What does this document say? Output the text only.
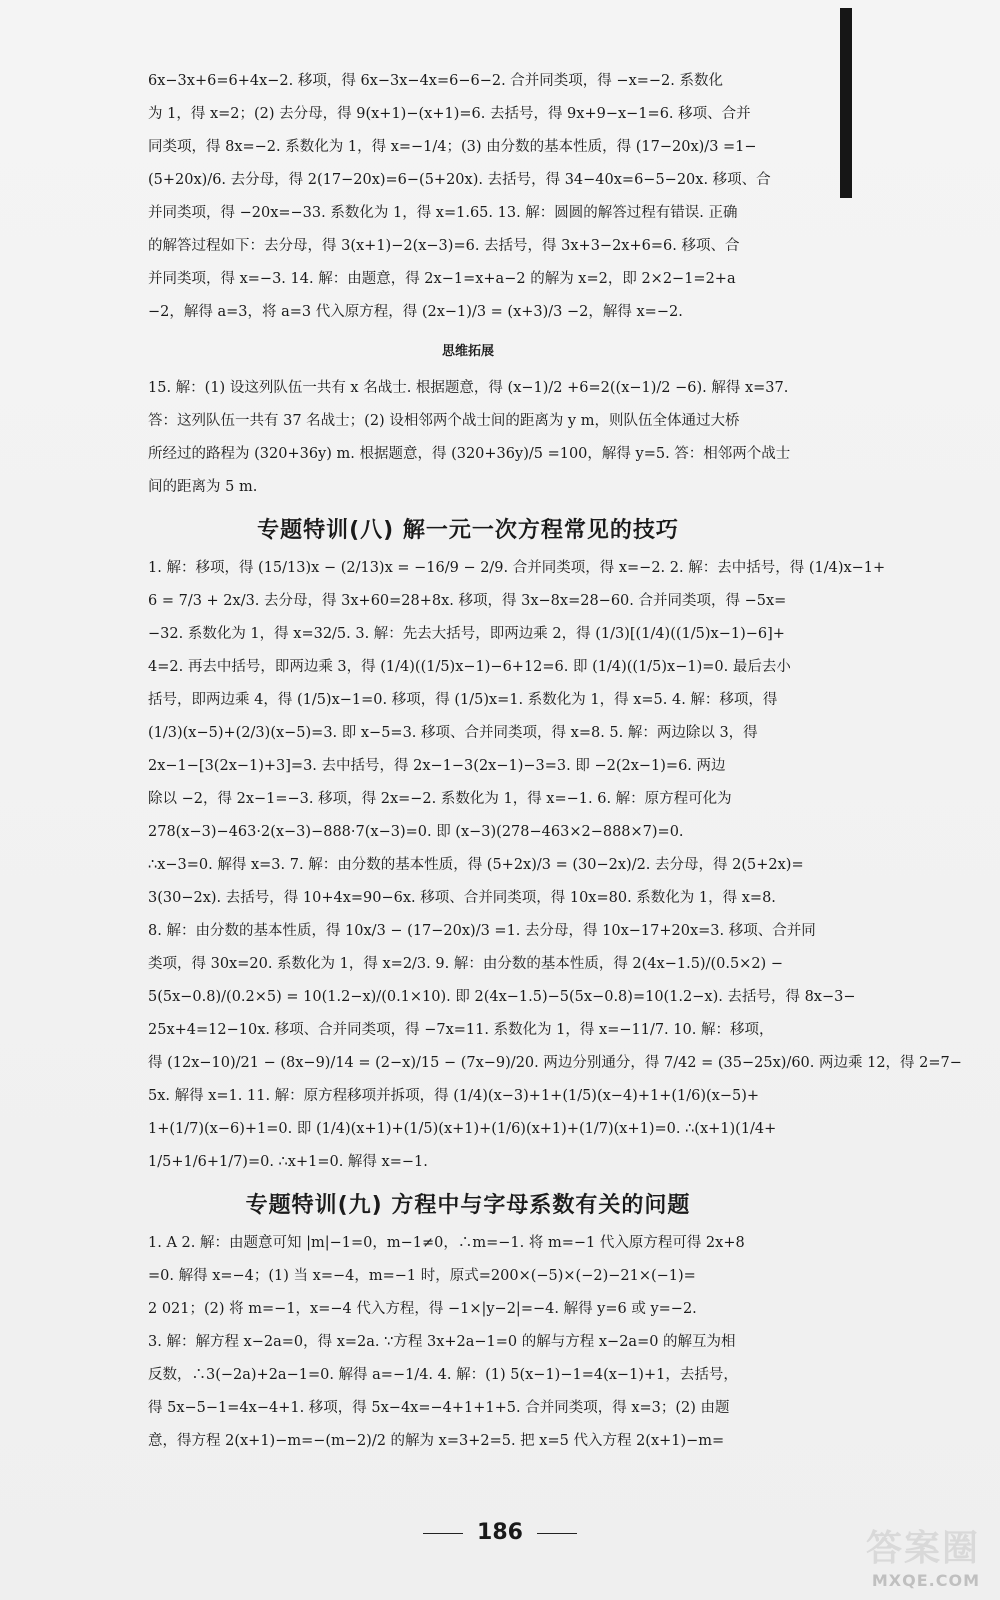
6x−3x+6=6+4x−2. 移项，得 6x−3x−4x=6−6−2. 合并同类项，得 −x=−2. 系数化
为 1，得 x=2；(2) 去分母，得 9(x+1)−(x+1)=6. 去括号，得 9x+9−x−1=6. 移项、合并
同类项，得 8x=−2. 系数化为 1，得 x=−1/4；(3) 由分数的基本性质，得 (17−20x)/3 =1−
(5+20x)/6. 去分母，得 2(17−20x)=6−(5+20x). 去括号，得 34−40x=6−5−20x. 移项、合
并同类项，得 −20x=−33. 系数化为 1，得 x=1.65. 13. 解：圆圆的解答过程有错误. 正确
的解答过程如下：去分母，得 3(x+1)−2(x−3)=6. 去括号，得 3x+3−2x+6=6. 移项、合
并同类项，得 x=−3. 14. 解：由题意，得 2x−1=x+a−2 的解为 x=2，即 2×2−1=2+a
−2，解得 a=3，将 a=3 代入原方程，得 (2x−1)/3 = (x+3)/3 −2，解得 x=−2.
思维拓展
15. 解：(1) 设这列队伍一共有 x 名战士. 根据题意，得 (x−1)/2 +6=2((x−1)/2 −6). 解得 x=37.
答：这列队伍一共有 37 名战士；(2) 设相邻两个战士间的距离为 y m，则队伍全体通过大桥
所经过的路程为 (320+36y) m. 根据题意，得 (320+36y)/5 =100，解得 y=5. 答：相邻两个战士
间的距离为 5 m.
专题特训(八) 解一元一次方程常见的技巧
1. 解：移项，得 (15/13)x − (2/13)x = −16/9 − 2/9. 合并同类项，得 x=−2. 2. 解：去中括号，得 (1/4)x−1+
6 = 7/3 + 2x/3. 去分母，得 3x+60=28+8x. 移项，得 3x−8x=28−60. 合并同类项，得 −5x=
−32. 系数化为 1，得 x=32/5. 3. 解：先去大括号，即两边乘 2，得 (1/3)[(1/4)((1/5)x−1)−6]+
4=2. 再去中括号，即两边乘 3，得 (1/4)((1/5)x−1)−6+12=6. 即 (1/4)((1/5)x−1)=0. 最后去小
括号，即两边乘 4，得 (1/5)x−1=0. 移项，得 (1/5)x=1. 系数化为 1，得 x=5. 4. 解：移项，得
(1/3)(x−5)+(2/3)(x−5)=3. 即 x−5=3. 移项、合并同类项，得 x=8. 5. 解：两边除以 3，得
2x−1−[3(2x−1)+3]=3. 去中括号，得 2x−1−3(2x−1)−3=3. 即 −2(2x−1)=6. 两边
除以 −2，得 2x−1=−3. 移项，得 2x=−2. 系数化为 1，得 x=−1. 6. 解：原方程可化为
278(x−3)−463·2(x−3)−888·7(x−3)=0. 即 (x−3)(278−463×2−888×7)=0.
∴x−3=0. 解得 x=3. 7. 解：由分数的基本性质，得 (5+2x)/3 = (30−2x)/2. 去分母，得 2(5+2x)=
3(30−2x). 去括号，得 10+4x=90−6x. 移项、合并同类项，得 10x=80. 系数化为 1，得 x=8.
8. 解：由分数的基本性质，得 10x/3 − (17−20x)/3 =1. 去分母，得 10x−17+20x=3. 移项、合并同
类项，得 30x=20. 系数化为 1，得 x=2/3. 9. 解：由分数的基本性质，得 2(4x−1.5)/(0.5×2) −
5(5x−0.8)/(0.2×5) = 10(1.2−x)/(0.1×10). 即 2(4x−1.5)−5(5x−0.8)=10(1.2−x). 去括号，得 8x−3−
25x+4=12−10x. 移项、合并同类项，得 −7x=11. 系数化为 1，得 x=−11/7. 10. 解：移项，
得 (12x−10)/21 − (8x−9)/14 = (2−x)/15 − (7x−9)/20. 两边分别通分，得 7/42 = (35−25x)/60. 两边乘 12，得 2=7−
5x. 解得 x=1. 11. 解：原方程移项并拆项，得 (1/4)(x−3)+1+(1/5)(x−4)+1+(1/6)(x−5)+
1+(1/7)(x−6)+1=0. 即 (1/4)(x+1)+(1/5)(x+1)+(1/6)(x+1)+(1/7)(x+1)=0. ∴(x+1)(1/4+
1/5+1/6+1/7)=0. ∴x+1=0. 解得 x=−1.
专题特训(九) 方程中与字母系数有关的问题
1. A 2. 解：由题意可知 |m|−1=0，m−1≠0，∴m=−1. 将 m=−1 代入原方程可得 2x+8
=0. 解得 x=−4；(1) 当 x=−4，m=−1 时，原式=200×(−5)×(−2)−21×(−1)=
2 021；(2) 将 m=−1，x=−4 代入方程，得 −1×|y−2|=−4. 解得 y=6 或 y=−2.
3. 解：解方程 x−2a=0，得 x=2a. ∵方程 3x+2a−1=0 的解与方程 x−2a=0 的解互为相
反数，∴3(−2a)+2a−1=0. 解得 a=−1/4. 4. 解：(1) 5(x−1)−1=4(x−1)+1，去括号，
得 5x−5−1=4x−4+1. 移项，得 5x−4x=−4+1+1+5. 合并同类项，得 x=3；(2) 由题
意，得方程 2(x+1)−m=−(m−2)/2 的解为 x=3+2=5. 把 x=5 代入方程 2(x+1)−m=
186	答案圈
MXQE.COM
